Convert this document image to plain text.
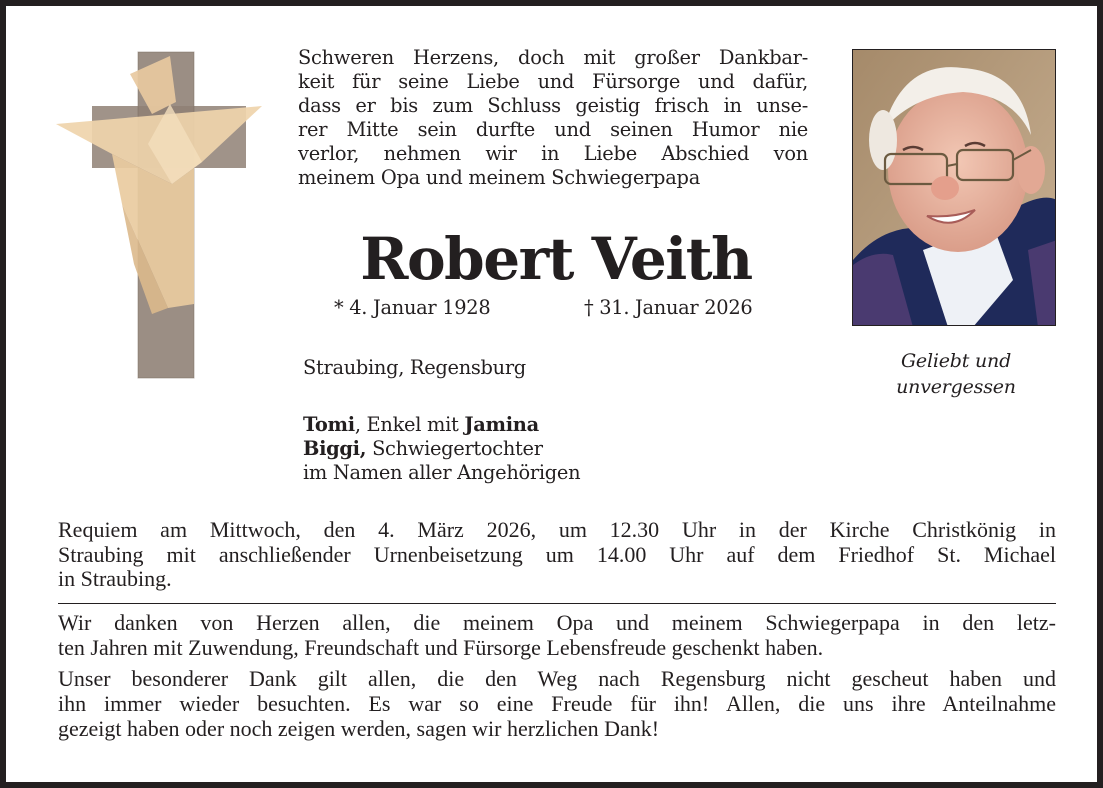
Schweren Herzens, doch mit großer Dankbar-
keit für seine Liebe und Fürsorge und dafür,
dass er bis zum Schluss geistig frisch in unse-
rer Mitte sein durfte und seinen Humor nie
verlor, nehmen wir in Liebe Abschied von
meinem Opa und meinem Schwiegerpapa
Robert Veith
* 4. Januar 1928	† 31. Januar 2026
Straubing, Regensburg
Tomi, Enkel mit Jamina
Biggi, Schwiegertochter
im Namen aller Angehörigen
Geliebt und
unvergessen
Requiem am Mittwoch, den 4. März 2026, um 12.30 Uhr in der Kirche Christkönig in
Straubing mit anschließender Urnenbeisetzung um 14.00 Uhr auf dem Friedhof St. Michael
in Straubing.

Wir danken von Herzen allen, die meinem Opa und meinem Schwiegerpapa in den letz-
ten Jahren mit Zuwendung, Freundschaft und Fürsorge Lebensfreude geschenkt haben.

Unser besonderer Dank gilt allen, die den Weg nach Regensburg nicht gescheut haben und
ihn immer wieder besuchten. Es war so eine Freude für ihn! Allen, die uns ihre Anteilnahme
gezeigt haben oder noch zeigen werden, sagen wir herzlichen Dank!
